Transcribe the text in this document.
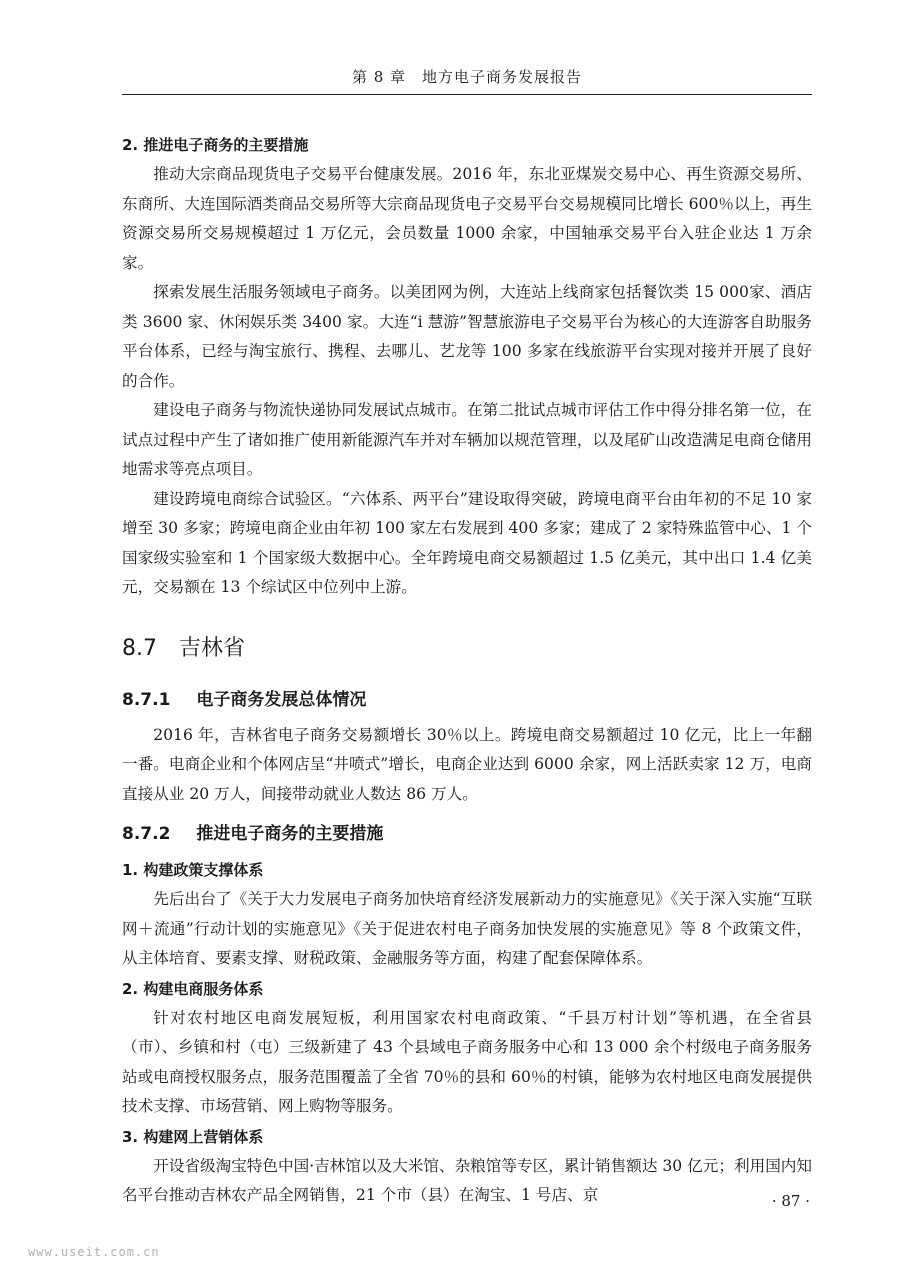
第 8 章　地方电子商务发展报告

2. 推进电子商务的主要措施

推动大宗商品现货电子交易平台健康发展。2016 年，东北亚煤炭交易中心、再生资源交易所、东商所、大连国际酒类商品交易所等大宗商品现货电子交易平台交易规模同比增长 600％以上，再生资源交易所交易规模超过 1 万亿元，会员数量 1000 余家，中国轴承交易平台入驻企业达 1 万余家。

探索发展生活服务领域电子商务。以美团网为例，大连站上线商家包括餐饮类 15 000家、酒店类 3600 家、休闲娱乐类 3400 家。大连“i 慧游”智慧旅游电子交易平台为核心的大连游客自助服务平台体系，已经与淘宝旅行、携程、去哪儿、艺龙等 100 多家在线旅游平台实现对接并开展了良好的合作。

建设电子商务与物流快递协同发展试点城市。在第二批试点城市评估工作中得分排名第一位，在试点过程中产生了诸如推广使用新能源汽车并对车辆加以规范管理，以及尾矿山改造满足电商仓储用地需求等亮点项目。

建设跨境电商综合试验区。“六体系、两平台”建设取得突破，跨境电商平台由年初的不足 10 家增至 30 多家；跨境电商企业由年初 100 家左右发展到 400 多家；建成了 2 家特殊监管中心、1 个国家级实验室和 1 个国家级大数据中心。全年跨境电商交易额超过 1.5 亿美元，其中出口 1.4 亿美元，交易额在 13 个综试区中位列中上游。

8.7 吉林省
8.7.1 电子商务发展总体情况

2016 年，吉林省电子商务交易额增长 30％以上。跨境电商交易额超过 10 亿元，比上一年翻一番。电商企业和个体网店呈“井喷式”增长，电商企业达到 6000 余家，网上活跃卖家 12 万，电商直接从业 20 万人，间接带动就业人数达 86 万人。

8.7.2 推进电子商务的主要措施

1. 构建政策支撑体系

先后出台了《关于大力发展电子商务加快培育经济发展新动力的实施意见》《关于深入实施“互联网＋流通”行动计划的实施意见》《关于促进农村电子商务加快发展的实施意见》等 8 个政策文件，从主体培育、要素支撑、财税政策、金融服务等方面，构建了配套保障体系。

2. 构建电商服务体系

针对农村地区电商发展短板，利用国家农村电商政策、“千县万村计划”等机遇，在全省县（市）、乡镇和村（屯）三级新建了 43 个县域电子商务服务中心和 13 000 余个村级电子商务服务站或电商授权服务点，服务范围覆盖了全省 70％的县和 60％的村镇，能够为农村地区电商发展提供技术支撑、市场营销、网上购物等服务。

3. 构建网上营销体系

开设省级淘宝特色中国·吉林馆以及大米馆、杂粮馆等专区，累计销售额达 30 亿元；利用国内知名平台推动吉林农产品全网销售，21 个市（县）在淘宝、1 号店、京	· 87 ·
www.useit.com.cn
